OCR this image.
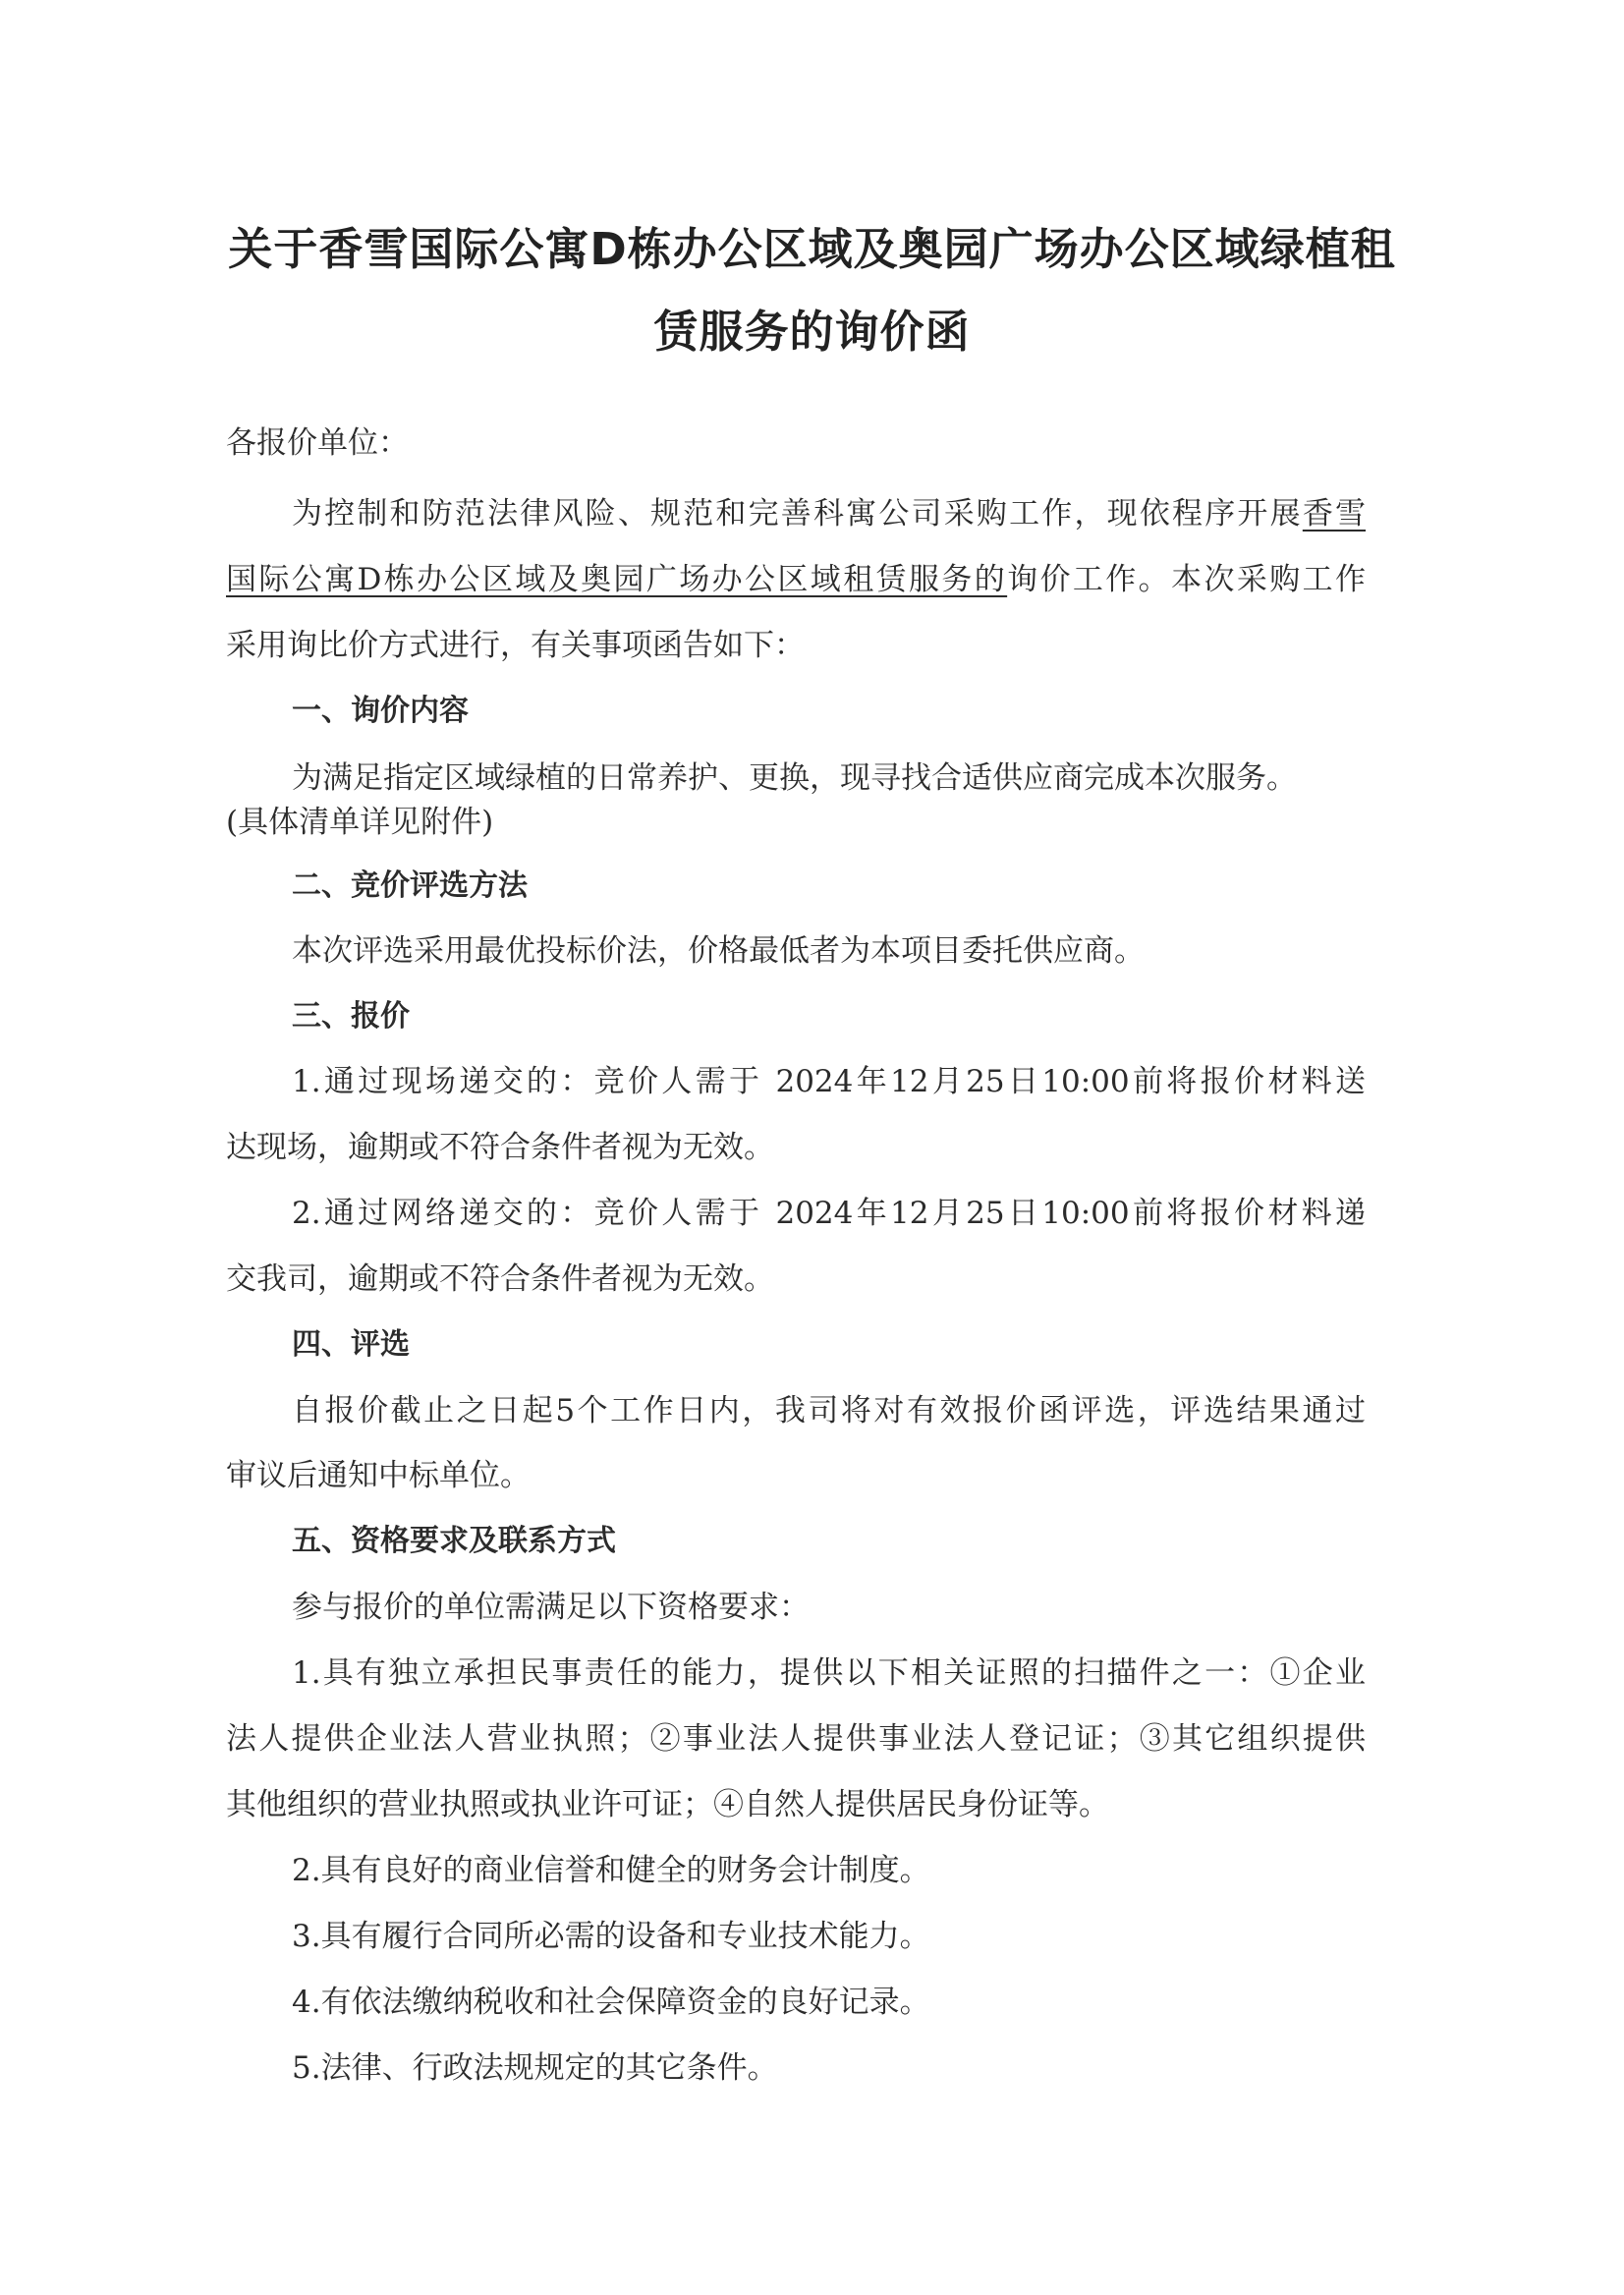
关于香雪国际公寓D栋办公区域及奥园广场办公区域绿植租
赁服务的询价函
各报价单位：
为控制和防范法律风险、规范和完善科寓公司采购工作，现依程序开展香雪
国际公寓D栋办公区域及奥园广场办公区域租赁服务的询价工作。本次采购工作
采用询比价方式进行，有关事项函告如下：
一、询价内容
为满足指定区域绿植的日常养护、更换，现寻找合适供应商完成本次服务。
(具体清单详见附件)
二、竞价评选方法
本次评选采用最优投标价法，价格最低者为本项目委托供应商。
三、报价
1.通过现场递交的：竞价人需于 2024年12月25日10:00前将报价材料送
达现场，逾期或不符合条件者视为无效。
2.通过网络递交的：竞价人需于 2024年12月25日10:00前将报价材料递
交我司，逾期或不符合条件者视为无效。
四、评选
自报价截止之日起5个工作日内，我司将对有效报价函评选，评选结果通过
审议后通知中标单位。
五、资格要求及联系方式
参与报价的单位需满足以下资格要求：
1.具有独立承担民事责任的能力，提供以下相关证照的扫描件之一：①企业
法人提供企业法人营业执照；②事业法人提供事业法人登记证；③其它组织提供
其他组织的营业执照或执业许可证；④自然人提供居民身份证等。
2.具有良好的商业信誉和健全的财务会计制度。
3.具有履行合同所必需的设备和专业技术能力。
4.有依法缴纳税收和社会保障资金的良好记录。
5.法律、行政法规规定的其它条件。
